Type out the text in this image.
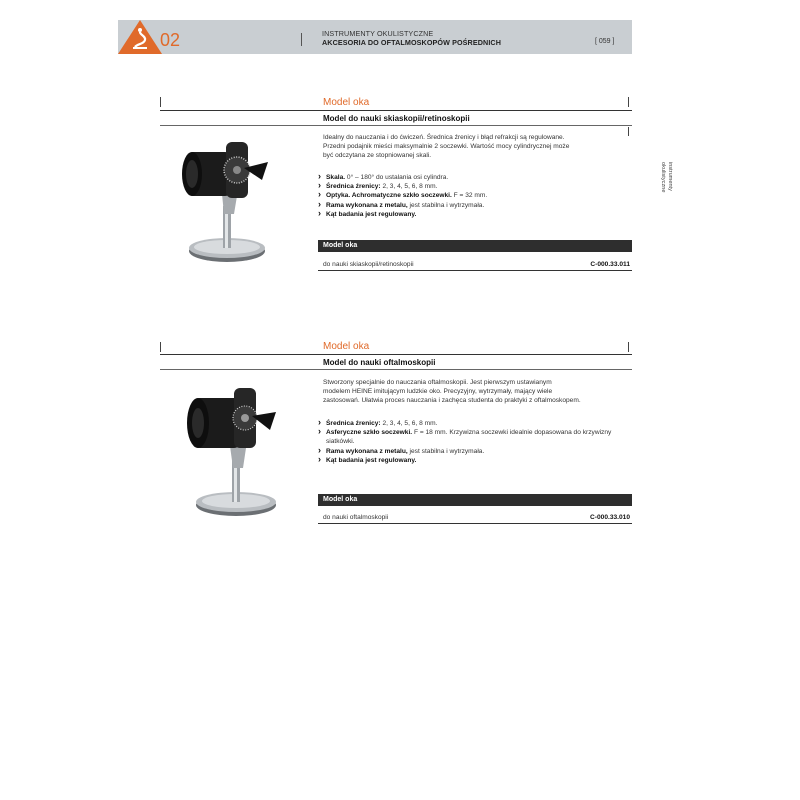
02	INSTRUMENTY OKULISTYCZNE
AKCESORIA DO OFTALMOSKOPÓW POŚREDNICH	[ 059 ]
instrumenty
okulistyczne
Model oka
Model do nauki skiaskopii/retinoskopii
Idealny do nauczania i do ćwiczeń. Średnica źrenicy i błąd refrakcji są regulowane.
Przedni podajnik mieści maksymalnie 2 soczewki. Wartość mocy cylindrycznej może
być odczytana ze stopniowanej skali.
› Skala. 0° – 180° do ustalania osi cylindra.
› Średnica źrenicy: 2, 3, 4, 5, 6, 8 mm.
› Optyka. Achromatyczne szkło soczewki. F = 32 mm.
› Rama wykonana z metalu, jest stabilna i wytrzymała.
› Kąt badania jest regulowany.
Model oka
do nauki skiaskopii/retinoskopii	C-000.33.011
Model oka
Model do nauki oftalmoskopii
Stworzony specjalnie do nauczania oftalmoskopii. Jest pierwszym ustawianym
modelem HEINE imitującym ludzkie oko. Precyzyjny, wytrzymały, mający wiele
zastosowań. Ułatwia proces nauczania i zachęca studenta do praktyki z oftalmoskopem.
› Średnica źrenicy: 2, 3, 4, 5, 6, 8 mm.
› Asferyczne szkło soczewki. F = 18 mm. Krzywizna soczewki idealnie dopasowana do krzywizny siatkówki.
› Rama wykonana z metalu, jest stabilna i wytrzymała.
› Kąt badania jest regulowany.
Model oka
do nauki oftalmoskopii	C-000.33.010
